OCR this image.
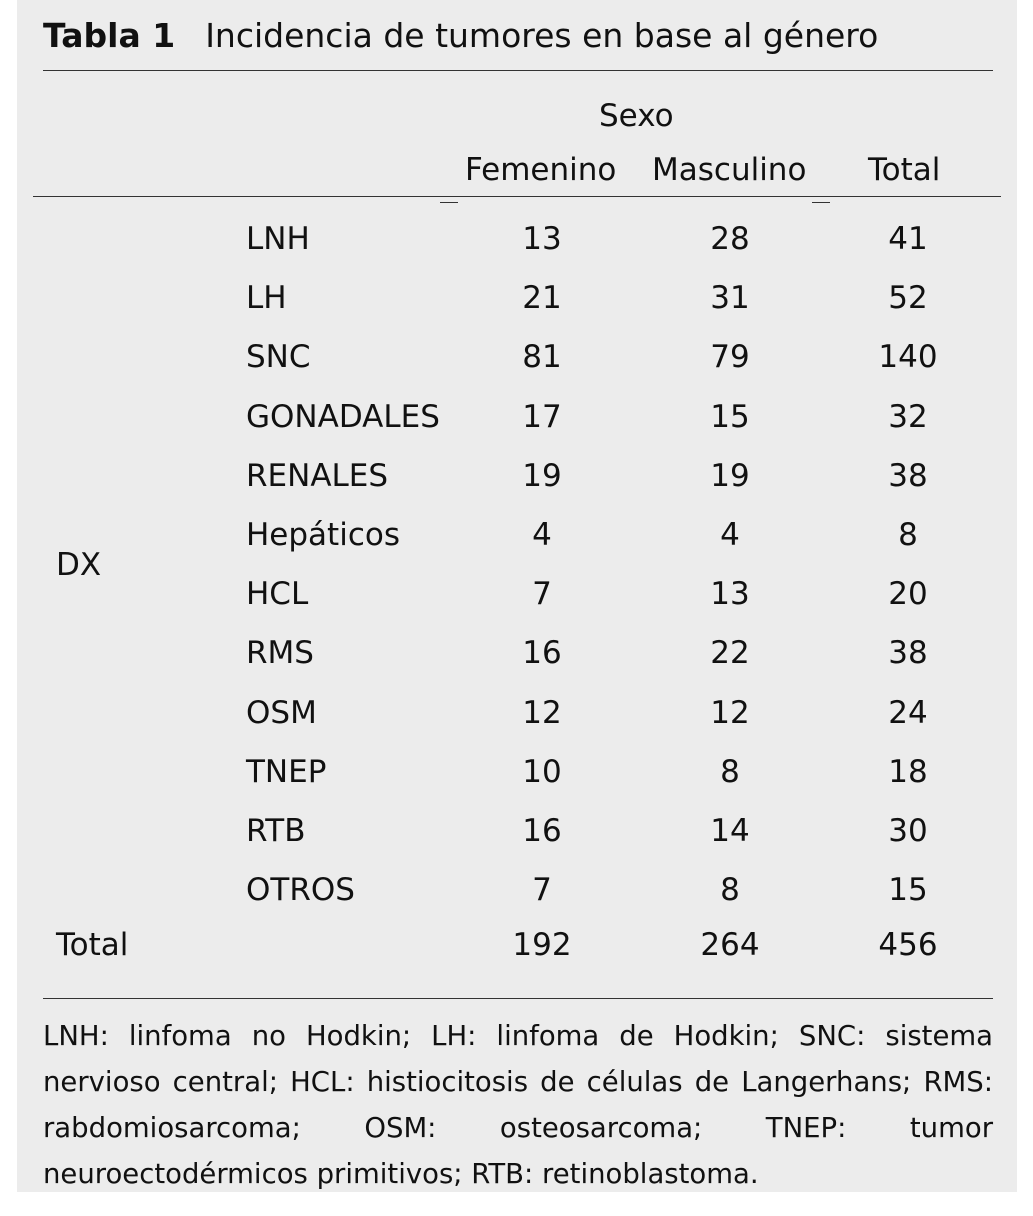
Tabla 1 Incidencia de tumores en base al género
Sexo
Femenino Masculino Total
DX
LNH	13	28	41
LH	21	31	52
SNC	81	79	140
GONADALES	17	15	32
RENALES	19	19	38
Hepáticos	4	4	8
HCL	7	13	20
RMS	16	22	38
OSM	12	12	24
TNEP	10	8	18
RTB	16	14	30
OTROS	7	8	15
Total	192	264	456
LNH: linfoma no Hodkin; LH: linfoma de Hodkin; SNC: sistema nervioso central; HCL: histiocitosis de células de Langerhans; RMS: rabdomiosarcoma; OSM: osteosarcoma; TNEP: tumor neuroectodérmicos primitivos; RTB: retinoblastoma.
